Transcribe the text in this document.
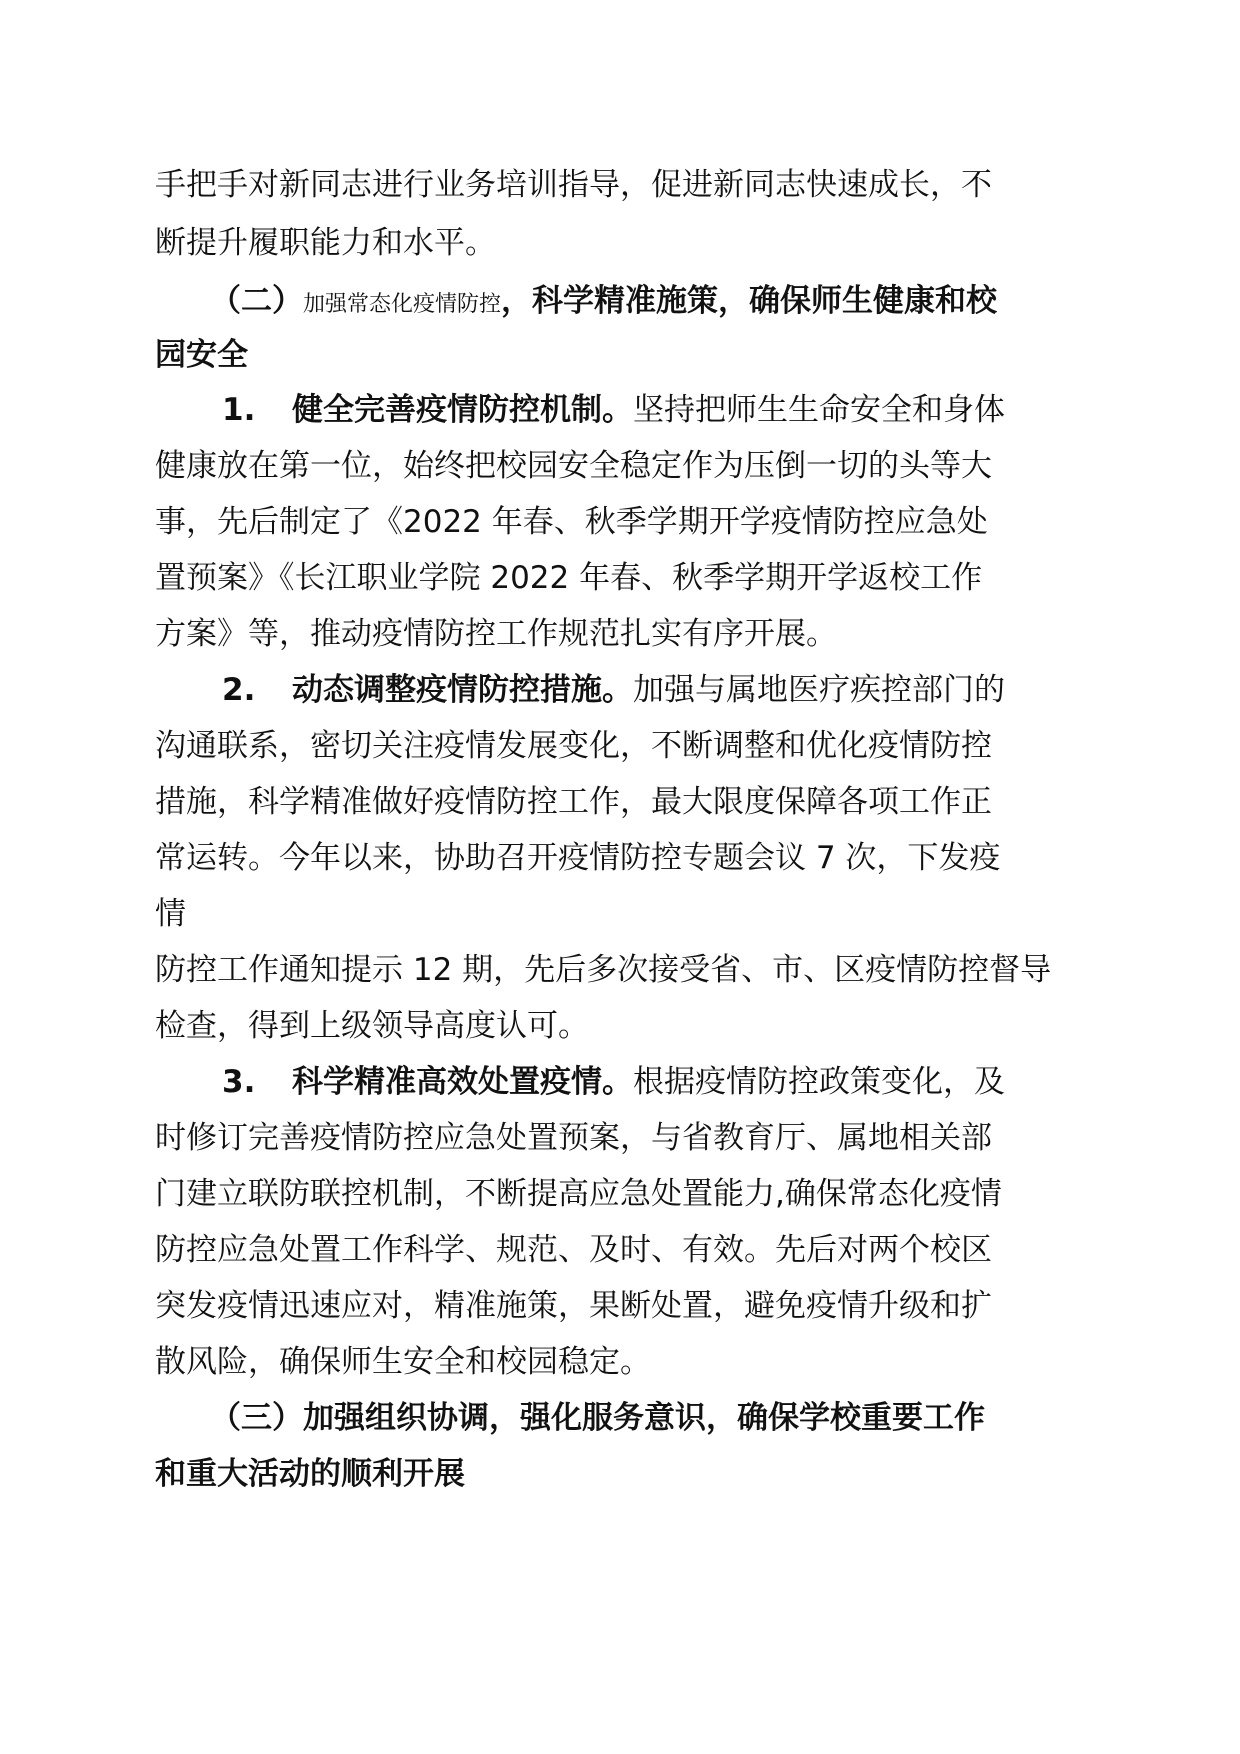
手把手对新同志进行业务培训指导，促进新同志快速成长，不
断提升履职能力和水平。
（二）加强常态化疫情防控，科学精准施策，确保师生健康和校
园安全
1. 健全完善疫情防控机制。坚持把师生生命安全和身体
健康放在第一位，始终把校园安全稳定作为压倒一切的头等大
事，先后制定了《2022 年春、秋季学期开学疫情防控应急处
置预案》《长江职业学院 2022 年春、秋季学期开学返校工作
方案》等，推动疫情防控工作规范扎实有序开展。
2. 动态调整疫情防控措施。加强与属地医疗疾控部门的
沟通联系，密切关注疫情发展变化，不断调整和优化疫情防控
措施，科学精准做好疫情防控工作，最大限度保障各项工作正
常运转。今年以来，协助召开疫情防控专题会议 7 次，下发疫
情
防控工作通知提示 12 期，先后多次接受省、市、区疫情防控督导
检查，得到上级领导高度认可。
3. 科学精准高效处置疫情。根据疫情防控政策变化，及
时修订完善疫情防控应急处置预案，与省教育厅、属地相关部
门建立联防联控机制，不断提高应急处置能力,确保常态化疫情
防控应急处置工作科学、规范、及时、有效。先后对两个校区
突发疫情迅速应对，精准施策，果断处置，避免疫情升级和扩
散风险，确保师生安全和校园稳定。
（三）加强组织协调，强化服务意识，确保学校重要工作
和重大活动的顺利开展
